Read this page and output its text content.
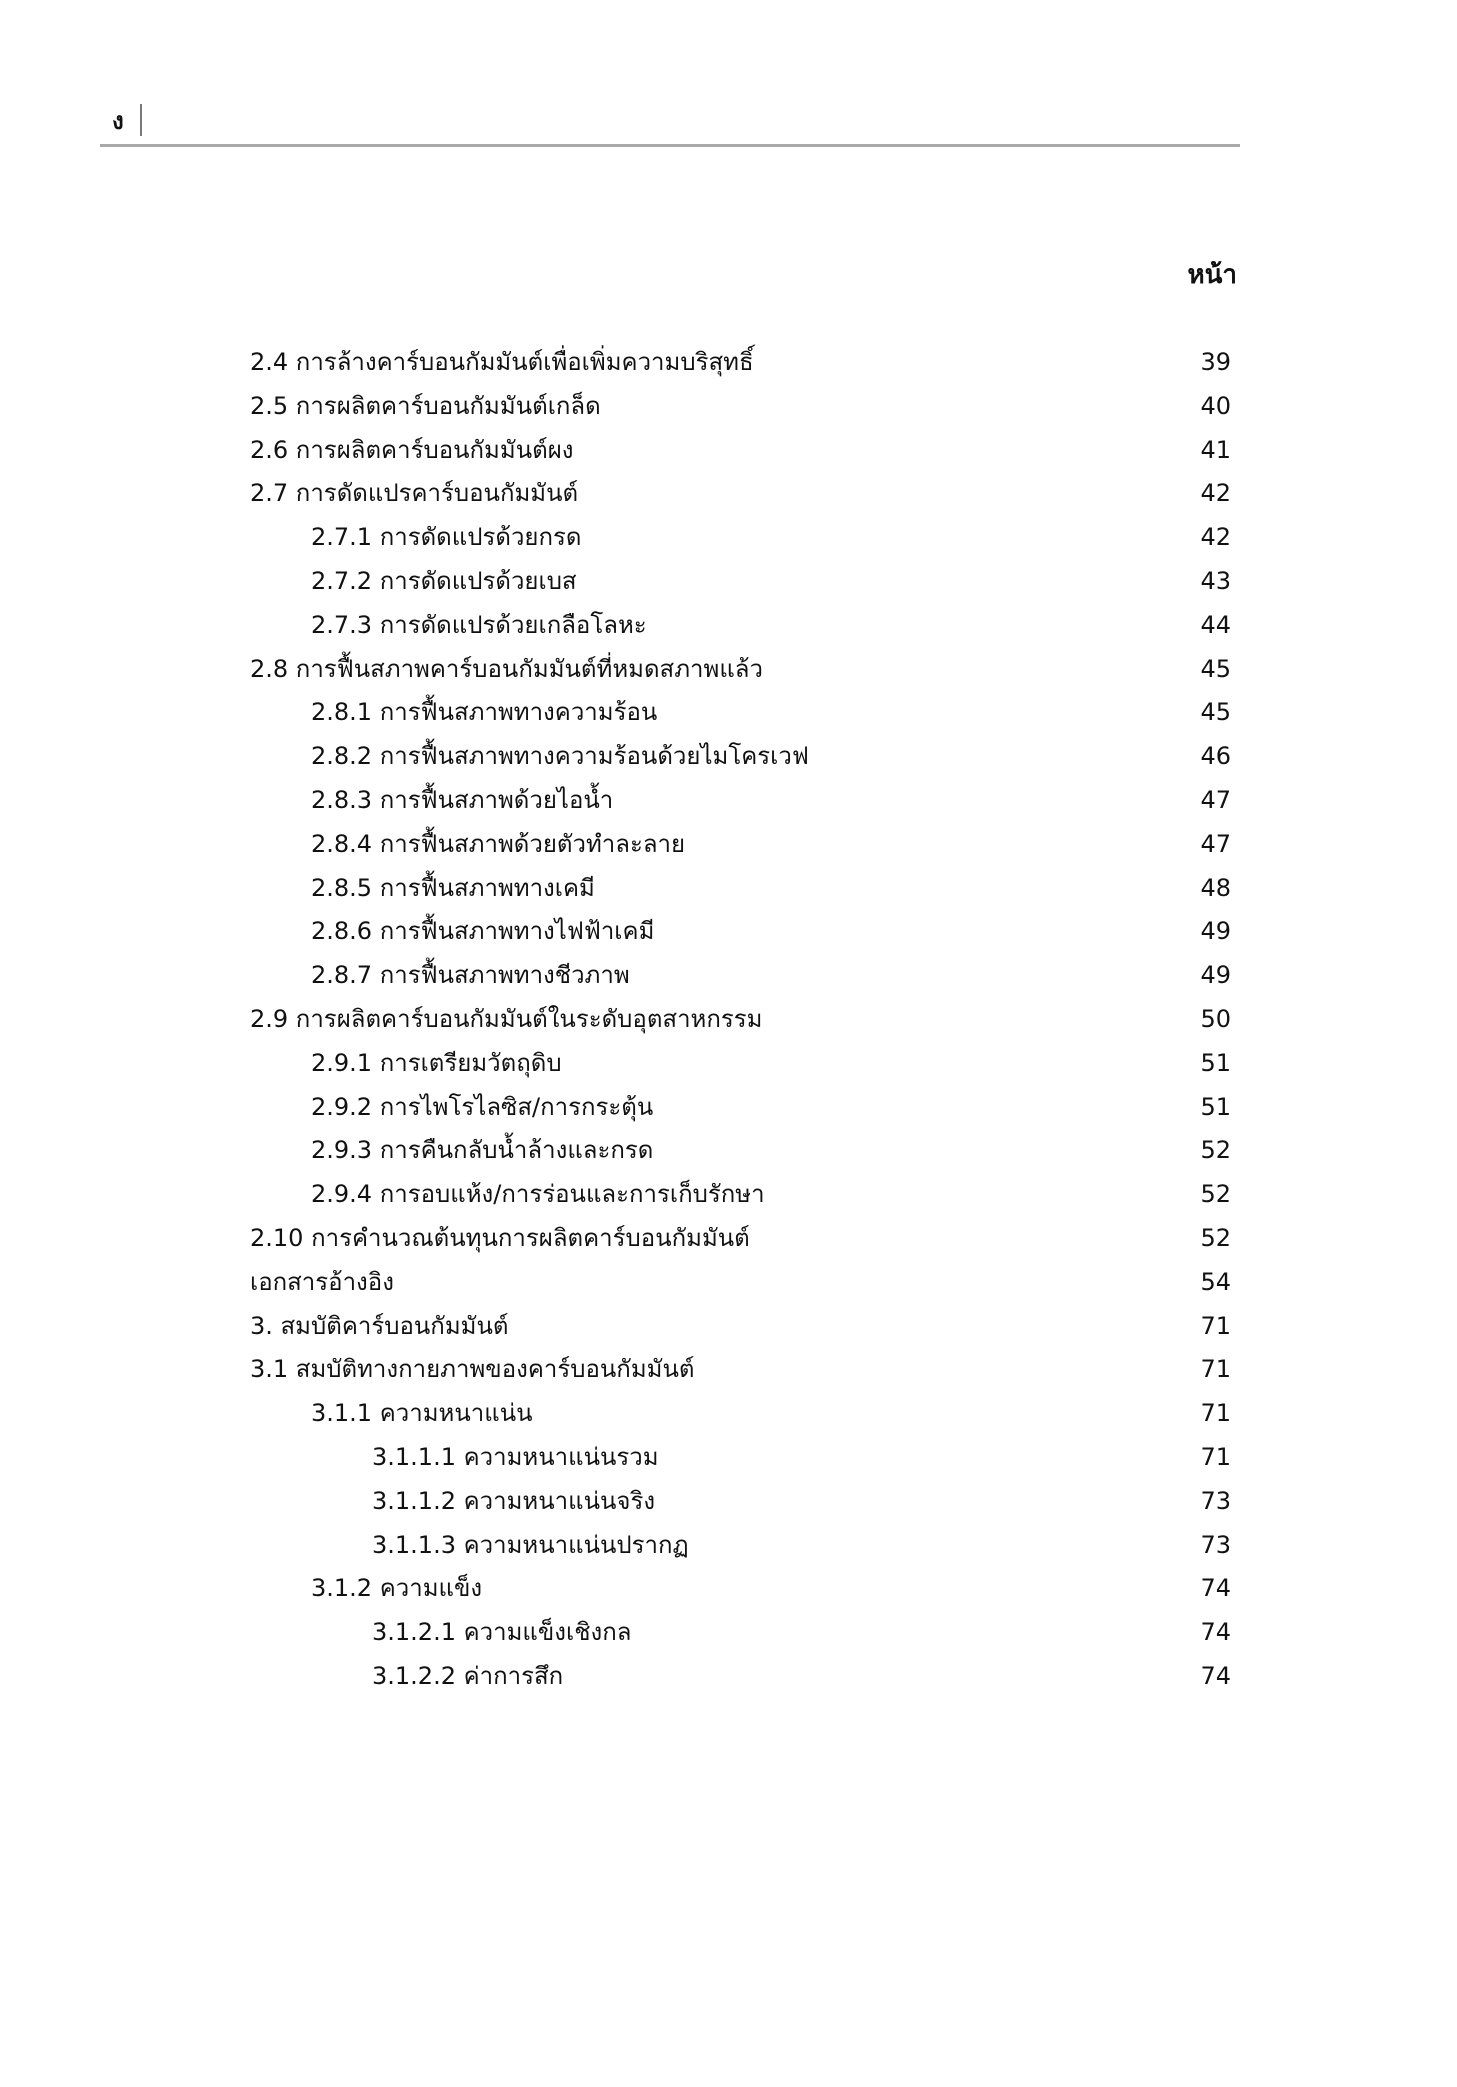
ง
หน้า
2.4 การล้างคาร์บอนกัมมันต์เพื่อเพิ่มความบริสุทธิ์	39
2.5 การผลิตคาร์บอนกัมมันต์เกล็ด	40
2.6 การผลิตคาร์บอนกัมมันต์ผง	41
2.7 การดัดแปรคาร์บอนกัมมันต์	42
2.7.1 การดัดแปรด้วยกรด	42
2.7.2 การดัดแปรด้วยเบส	43
2.7.3 การดัดแปรด้วยเกลือโลหะ	44
2.8 การฟื้นสภาพคาร์บอนกัมมันต์ที่หมดสภาพแล้ว	45
2.8.1 การฟื้นสภาพทางความร้อน	45
2.8.2 การฟื้นสภาพทางความร้อนด้วยไมโครเวฟ	46
2.8.3 การฟื้นสภาพด้วยไอน้ำ	47
2.8.4 การฟื้นสภาพด้วยตัวทำละลาย	47
2.8.5 การฟื้นสภาพทางเคมี	48
2.8.6 การฟื้นสภาพทางไฟฟ้าเคมี	49
2.8.7 การฟื้นสภาพทางชีวภาพ	49
2.9 การผลิตคาร์บอนกัมมันต์ในระดับอุตสาหกรรม	50
2.9.1 การเตรียมวัตถุดิบ	51
2.9.2 การไพโรไลซิส/การกระตุ้น	51
2.9.3 การคืนกลับน้ำล้างและกรด	52
2.9.4 การอบแห้ง/การร่อนและการเก็บรักษา	52
2.10 การคำนวณต้นทุนการผลิตคาร์บอนกัมมันต์	52
เอกสารอ้างอิง	54
3. สมบัติคาร์บอนกัมมันต์	71
3.1 สมบัติทางกายภาพของคาร์บอนกัมมันต์	71
3.1.1 ความหนาแน่น	71
3.1.1.1 ความหนาแน่นรวม	71
3.1.1.2 ความหนาแน่นจริง	73
3.1.1.3 ความหนาแน่นปรากฏ	73
3.1.2 ความแข็ง	74
3.1.2.1 ความแข็งเชิงกล	74
3.1.2.2 ค่าการสึก	74
